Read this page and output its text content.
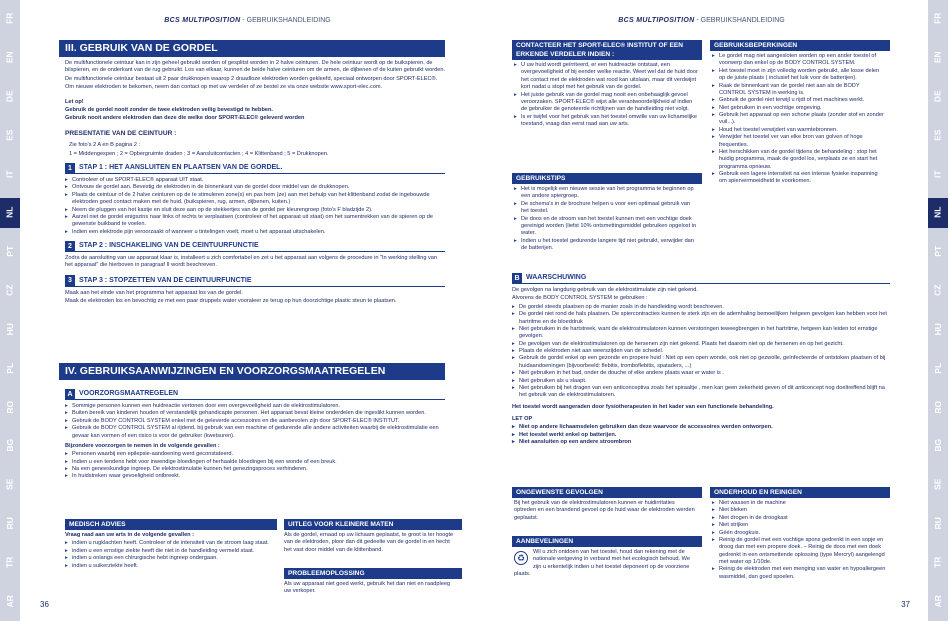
FR
EN
DE
ES
IT
NL
PT
CZ
HU
PL
RO
BG
SE
RU
TR
AR
FR
EN
DE
ES
IT
NL
PT
CZ
HU
PL
RO
BG
SE
RU
TR
AR
BCS MULTIPOSITION - GEBRUIKSHANDLEIDING
III. GEBRUIK VAN DE GORDEL

De multifunctionele ceintuur kan in zijn geheel gebruikt worden of gesplitst worden in 2 halve ceinturen. De hele ceintuur wordt op de buikspieren, de bilspieren, en de onderkant van de rug gebruikt. Los van elkaar, kunnen de beide halve ceinturen om de armen, de dijbenen of de kuiten gebruikt worden.

De multifunctionele ceintuur bestaat uit 2 paar drukknopen waarop 2 draadloze elektroden worden gekleefd, speciaal ontworpen door SPORT-ELEC®.

Om nieuwe elektroden te bekomen, neem dan contact op met uw verdeler of ze bestel ze via onze website www.sport-elec.com.

Let op!

Gebruik de gordel nooit zonder de twee elektroden veilig bevestigd te hebben.

Gebruik nooit andere elektroden dan deze die welke door SPORT-ELEC® geleverd worden

PRESENTATIE VAN DE CEINTUUR :

Zie foto's 2 A en B pagina 2 :

1 = Middengespen ; 2 = Opbergruimte draden ; 3 = Aansluitcontacten ; 4 = Klittenband ; 5 = Drukknopen.

1	STAP 1 : HET AANSLUITEN EN PLAATSEN VAN DE GORDEL.
▸ Controleer of uw SPORT-ELEC® apparaat UIT staat.
▸ Ontvouw de gordel aan. Bevestig de elektroden in de binnenkant van de gordel door middel van de drukknopen.
▸ Plaats de ceintuur of de 2 halve ceinturen op de te stimuleren zone(s) en pas hem (ze) aan met behulp van het klittenband zodat de ingebouwde elektroden goed contact maken met de huid. (buikspieren, rug, armen, dijbenen, kuiten.)
▸ Neem de pluggen van het kastje en sluit deze aan op de stekkertjes van de gordel per kleurengroep (foto's F bladzijde 2).
▸ Aarzel niet de gordel enigszins naar links of rechts te verplaatsen (controleer of het apparaat uit staat) om het samentrekken van de spieren op de gewenste buikband te voelen.
▸ Indien een elektrode pijn veroorzaakt of wanneer u tintelingen voelt, moet u het apparaat uitschakelen.
2	STAP 2 : INSCHAKELING VAN DE CEINTUURFUNCTIE

Zodra de aansluiting van uw apparaat klaar is, installeert u zich comfortabel en zet u het apparaat aan volgens de procedure in "In werking stelling van het apparaat" die hierboven in paragraaf II wordt beschreven.

3	STAP 3 : STOPZETTEN VAN DE CEINTUURFUNCTIE

Maak aan het einde van het programma het apparaat los van de gordel.

Maak de elektroden los en bevochtig ze met een paar druppels water vooraleer ze terug op hun doorzichtige plastic steun te plaatsen.

IV. GEBRUIKSAANWIJZINGEN EN VOORZORGSMAATREGELEN
A VOORZORGSMAATREGELEN
▸ Sommige personen kunnen een huidreactie vertonen door een overgevoeligheid aan de elektrostimulatoren.
▸ Buiten bereik van kinderen houden of verstandelijk gehandicapte personen. Het apparaat bevat kleine onderdelen die ingeslikt kunnen worden.
▸ Gebruik de BODY CONTROL SYSTEM enkel met de geleverde accessoires en die aanbevolen zijn door SPORT-ELEC® INSTITUT.
▸ Gebruik de BODY CONTROL SYSTEM al rijdend, bij gebruik van een machine of gedurende alle andere activiteiten waarbij de elektrostimulatie een gevaar kan vormen of een risico is voor de gebruiker (kwetsuren).

Bijzondere voorzorgen te nemen in de volgende gevallen :

▸ Personen waarbij een epilepsie-aandoening werd geconstateerd.
▸ Indien u een tendens hebt voor inwendige bloedingen of herhaalde bloedingen bij een wonde of een breuk.
▸ Na een geneeskundige ingreep. De elektrostimulatie kunnen het genezingsproces verhinderen.
▸ In huidstreken waar gevoeligheid ontbreekt.
MEDISCH ADVIES

Vraag raad aan uw arts in de volgende gevallen :

▸ indien u rugklachten heeft. Controleer of de intensiteit van de stroom laag staat.
▸ indien u een ernstige ziekte heeft die niet in de handleiding vermeld staat.
▸ indien u onlangs een chirurgische hebt ingreep ondergaan.
▸ indien u suikerziekte heeft.
UITLEG VOOR KLEINERE MATEN

Als de gordel, ernaad op uw lichaam geplaatst, te groot is ter hoogte van de elektroden, ploor dan dit gedeelte van de gordel in en hecht het vast door middel van de klittenband.

PROBLEEMOPLOSSING

Als uw apparaat niet goed werkt, gebruik het dan niet en raadpleeg uw verkoper.

36
BCS MULTIPOSITION - GEBRUIKSHANDLEIDING
CONTACTEER HET SPORT-ELEC® INSTITUT OF EEN ERKENDE VERDELER INDIEN :
▸ U uw huid wordt geïrriteerd, er een huidreactie ontstaat, een overgevoeligheid of bij eender welke reactie. Weet wel dat de huid door het contact met de elektroden wat rood kan uitslaan, maar dit verdwijnt kort nadat u stopt met het gebruik van de gordel.
▸ Het juiste gebruik van de gordel mag nooit een onbehaaglijk gevoel veroorzaken. SPORT-ELEC® wijst alle verantwoordelijkheid af indien de gebruiker de genoteerde richtlijnen van de handleiding niet volgt.
▸ Is er twijfel voor het gebruik van het toestel omwille van uw lichamelijke toestand, vraag dan eerst raad aan uw arts.
GEBRUIKSTIPS
▸ Het is mogelijk een nieuwe sessie van het programma te beginnen op een andere spiergroep.
▸ De schema's in de brochure helpen u voor een optimaal gebruik van het toestel.
▸ De doos en de stroom van het toestel kunnen met een vochtige doek gereinigd worden (liefst 10% ontsmettingsmiddel gebruiken opgelost in water.
▸ Indien u het toestel gedurende langere tijd niet gebruikt, verwijder dan de batterijen.
GEBRUIKSBEPERKINGEN
▸ Le gordel mag niet aangesloten worden op een ander toestel of voorwerp dan enkel op de BODY CONTROL SYSTEM.
▸ Het toestel moet in zijn volledig worden gebruikt, alle losse delen op de juiste plaats ( inclusief het luik voor de batterijen).
▸ Raak de binnenkant van de gordel niet aan als de BODY CONTROL SYSTEM in werking is.
▸ Gebruik de gordel niet terwijl u rijdt of met machines werkt.
▸ Niet gebruiken in een vochtige omgeving.
▸ Gebruik het apparaat op een schone plaats (zonder stof en zonder vuil...).
▸ Houd het toestel verwijdert van warmtebronnen.
▸ Verwijder het toestel ver van elke bron van golven of hoge frequenties.
▸ Het herschikken van de gordel tijdens de behandeling : stop het huidig programma, maak de gordel los, verplaats ze en start het programma opnieuw.
▸ Gebruik een lagere intensiteit na een intense fysieke inspanning om spiervermoeidheid te voorkomen.
B WAARSCHUWING

De gevolgen na langdurig gebruik van de elektrostimulatie zijn niet gekend.

Alvorens de BODY CONTROL SYSTEM te gebruiken :

▸ De gordel steeds plaatsen op de manier zoals in de handleiding wordt beschreven.
▸ De gordel niet rond de hals plaatsen. De spiercontracties kunnen te sterk zijn en de ademhaling bemoeilijken hetgeen gevolgen kan hebben voor het hartritme en de bloeddruk
▸ Niet gebruiken in de hartstreek, want de elektrostimulatoren kunnen verstoringen teweegbrengen in het hartritme, hetgeen kan leiden tot ernstige gevolgen.
▸ De gevolgen van de elektrostimulatoren op de hersenen zijn niet gekend. Plaats het daarom niet op de hersenen en op het gezicht.
▸ Plaats de elektroden niet aan weerszijden van de schedel.
▸ Gebruik de gordel enkel op een gezonde en propere huid : Niet op een open wonde, ook niet op gezwolle, geïnfecteerde of ontstoken plaatsen of bij huidaandoeningen (bijvoorbeeld: flebitis, tromboflebitis, spataders, ...)
▸ Niet gebruiken in het bad, onder de douche of elke andere plaats waar er water is .
▸ Niet gebruiken als u slaapt.
▸ Niet gebruiken bij het dragen van een anticonceptiva zoals het spiraaltje , men kan geen zekerheid geven of dit anticoncept nog doeltreffend blijft na het gebruik van de elektrostimulatoren.

Het toestel wordt aangeraden door fysiotherapeuten in het kader van een functionele behandeling.

LET OP

▸ Niet op andere lichaamsdelen gebruiken dan deze waarvoor de accessoires werden ontworpen.
▸ Het toestel werkt enkel op batterijen.
▸ Niet aansluiten op een andere stroombron
ONGEWENSTE GEVOLGEN

Bij het gebruik van de elektrostimulatoren kunnen er huidirritaties optreden en een brandend gevoel op de huid waar de elektroden werden geplaatst.

AANBEVELINGEN
♻

Wil u zich ontdoen van het toestel, houd dan rekening met de nationale wetgeving in verband met het ecologisch behoud. We zijn u erkentelijk indien u het toestel deponeert op de voorziene plaats.

ONDERHOUD EN REINIGEN
▸ Niet wassen in de machine
▸ Niet bleken
▸ Niet drogen in de droogkast
▸ Niet strijken
▸ Géén droogkuis.
▸ Reinig de gordel met een vochtige spons gedrenkt in een sopje en droog dan met een propere doek. – Reinig de doos met een doek gedrenkt in een ontsmettende oplossing (type Mercryl) aangelengd met water op 1/10de.
▸ Reinig de elektroden met een menging van water en hypoallergeen wasmiddel, dan goed spoelen.
37
